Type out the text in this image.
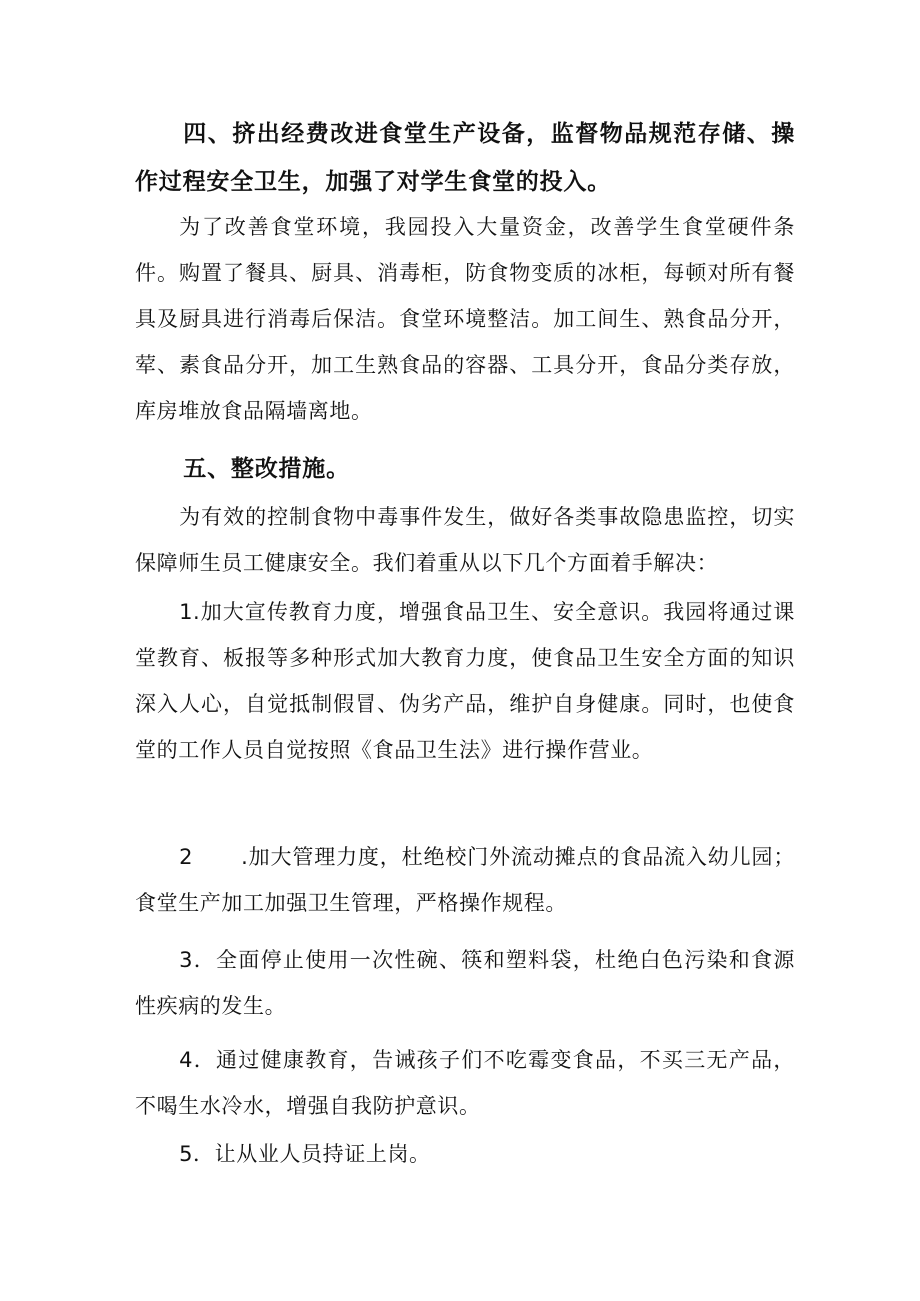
四、挤出经费改进食堂生产设备，监督物品规范存储、操作过程安全卫生，加强了对学生食堂的投入。

为了改善食堂环境，我园投入大量资金，改善学生食堂硬件条件。购置了餐具、厨具、消毒柜，防食物变质的冰柜，每顿对所有餐具及厨具进行消毒后保洁。食堂环境整洁。加工间生、熟食品分开，荤、素食品分开，加工生熟食品的容器、工具分开，食品分类存放，库房堆放食品隔墙离地。

五、整改措施。

为有效的控制食物中毒事件发生，做好各类事故隐患监控，切实保障师生员工健康安全。我们着重从以下几个方面着手解决：

1.加大宣传教育力度，增强食品卫生、安全意识。我园将通过课堂教育、板报等多种形式加大教育力度，使食品卫生安全方面的知识深入人心，自觉抵制假冒、伪劣产品，维护自身健康。同时，也使食堂的工作人员自觉按照《食品卫生法》进行操作营业。

2 .加大管理力度，杜绝校门外流动摊点的食品流入幼儿园；食堂生产加工加强卫生管理，严格操作规程。

3．全面停止使用一次性碗、筷和塑料袋，杜绝白色污染和食源性疾病的发生。

4．通过健康教育，告诫孩子们不吃霉变食品，不买三无产品，不喝生水冷水，增强自我防护意识。

5．让从业人员持证上岗。
